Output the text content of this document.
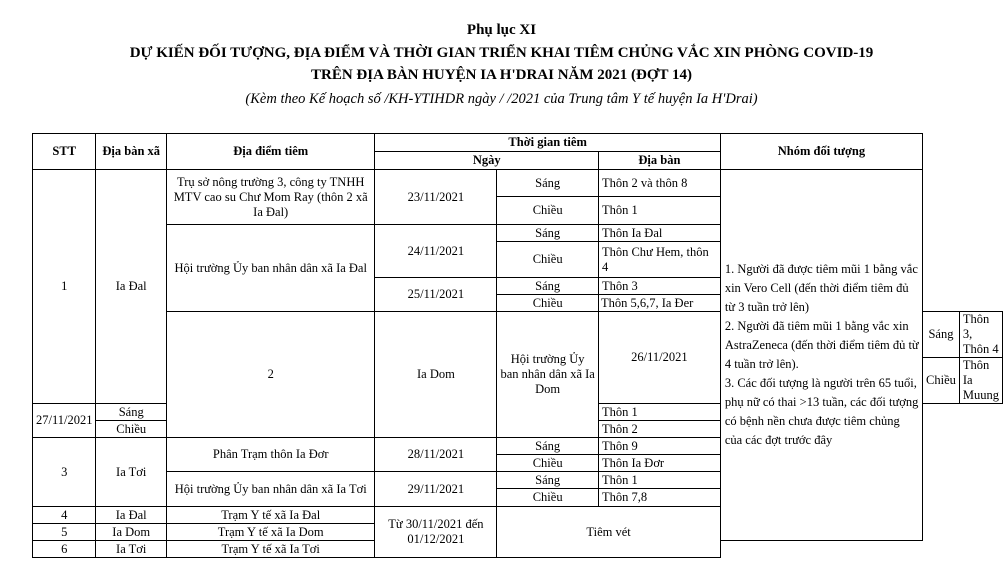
Phụ lục XI
DỰ KIẾN ĐỐI TƯỢNG, ĐỊA ĐIỂM VÀ THỜI GIAN TRIỂN KHAI TIÊM CHỦNG VẮC XIN PHÒNG COVID-19
TRÊN ĐỊA BÀN HUYỆN IA H'DRAI NĂM 2021 (ĐỢT 14)
(Kèm theo Kế hoạch số /KH-YTIHDR ngày / /2021 của Trung tâm Y tế huyện Ia H'Drai)
STT	Địa bàn xã	Địa điểm tiêm	Thời gian tiêm			Nhóm đối tượng		
			Ngày		Địa bàn			
1	Ia Đal	Trụ sở nông trường 3, công ty TNHH MTV cao su Chư Mom Ray (thôn 2 xã Ia Đal)	23/11/2021	Sáng	Thôn 2 và thôn 8	1. Người đã được tiêm mũi 1 bằng vắc xin Vero Cell (đến thời điểm tiêm đủ từ 3 tuần trở lên)
2. Người đã tiêm mũi 1 bằng vắc xin AstraZeneca (đến thời điểm tiêm đủ từ 4 tuần trở lên).
3. Các đối tượng là người trên 65 tuổi, phụ nữ có thai >13 tuần, các đối tượng có bệnh nền chưa được tiêm chủng của các đợt trước đây		

				Chiều	Thôn 1			
		Hội trường Ủy ban nhân dân xã Ia Đal	24/11/2021	Sáng	Thôn Ia Đal			
				Chiều	Thôn Chư Hem, thôn 4			
			25/11/2021	Sáng	Thôn 3			
				Chiều	Thôn 5,6,7, Ia Đer			
		2	Ia Dom	Hội trường Ủy ban nhân dân xã Ia Dom	26/11/2021		Sáng	Thôn 3, Thôn 4
							Chiều	Thôn Ia Muung
27/11/2021	Sáng				Thôn 1			
	Chiều				Thôn 2			
3	Ia Tơi	Phân Trạm thôn Ia Đơr	28/11/2021	Sáng	Thôn 9			
				Chiều	Thôn Ia Đơr			
		Hội trường Ủy ban nhân dân xã Ia Tơi	29/11/2021	Sáng	Thôn 1			
				Chiều	Thôn 7,8			
4	Ia Đal	Trạm Y tế xã Ia Đal	Từ 30/11/2021 đến 01/12/2021	Tiêm vét				
5	Ia Dom	Trạm Y tế xã Ia Dom						
6	Ia Tơi	Trạm Y tế xã Ia Tơi						
